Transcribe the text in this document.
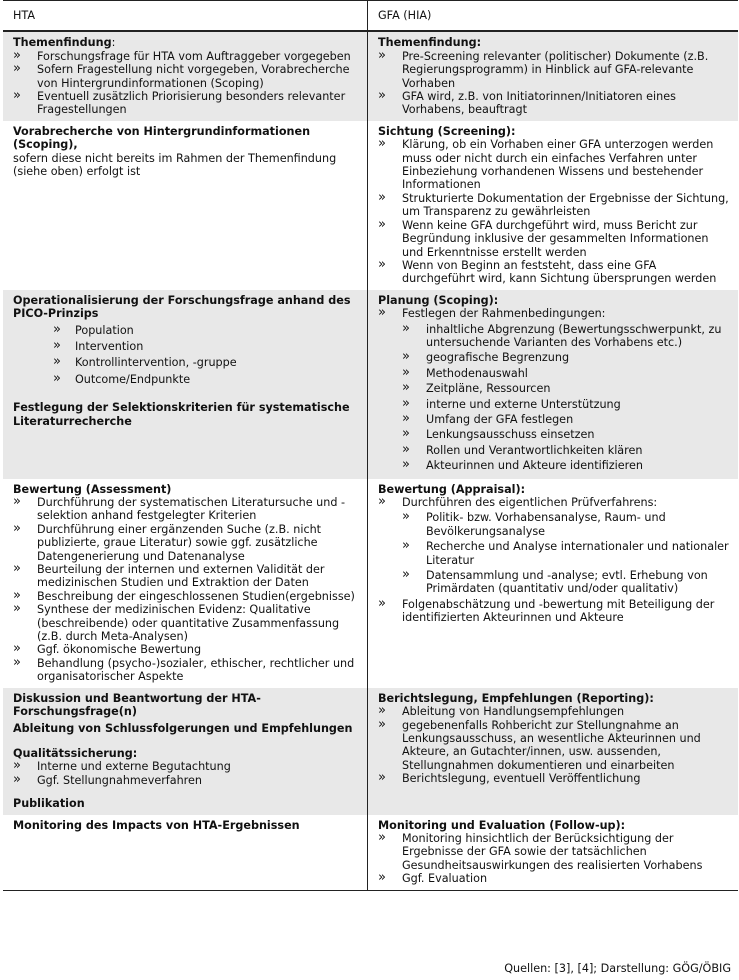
HTA	GFA (HIA)
Themenfindung:
» Forschungsfrage für HTA vom Auftraggeber vorgegeben
» Sofern Fragestellung nicht vorgegeben, Vorabrecherche von Hintergrundinformationen (Scoping)
» Eventuell zusätzlich Priorisierung besonders relevanter Fragestellungen
Themenfindung:
» Pre-Screening relevanter (politischer) Dokumente (z.B. Regierungsprogramm) in Hinblick auf GFA-relevante Vorhaben
» GFA wird, z.B. von Initiatorinnen/Initiatoren eines Vorhabens, beauftragt
Vorabrecherche von Hintergrundinformationen (Scoping),
sofern diese nicht bereits im Rahmen der Themenfindung (siehe oben) erfolgt ist
Sichtung (Screening):
» Klärung, ob ein Vorhaben einer GFA unterzogen werden muss oder nicht durch ein einfaches Verfahren unter Einbeziehung vorhandenen Wissens und bestehender Informationen
» Strukturierte Dokumentation der Ergebnisse der Sichtung, um Transparenz zu gewährleisten
» Wenn keine GFA durchgeführt wird, muss Bericht zur Begründung inklusive der gesammelten Informationen und Erkenntnisse erstellt werden
» Wenn von Beginn an feststeht, dass eine GFA durchgeführt wird, kann Sichtung übersprungen werden
Operationalisierung der Forschungsfrage anhand des PICO-Prinzips
» Population
» Intervention
» Kontrollintervention, -gruppe
» Outcome/Endpunkte
Festlegung der Selektionskriterien für systematische Literaturrecherche
Planung (Scoping):
» Festlegen der Rahmenbedingungen:
» inhaltliche Abgrenzung (Bewertungsschwerpunkt, zu untersuchende Varianten des Vorhabens etc.)
» geografische Begrenzung
» Methodenauswahl
» Zeitpläne, Ressourcen
» interne und externe Unterstützung
» Umfang der GFA festlegen
» Lenkungsausschuss einsetzen
» Rollen und Verantwortlichkeiten klären
» Akteurinnen und Akteure identifizieren
Bewertung (Assessment)
» Durchführung der systematischen Literatursuche und -selektion anhand festgelegter Kriterien
» Durchführung einer ergänzenden Suche (z.B. nicht publizierte, graue Literatur) sowie ggf. zusätzliche Datengenerierung und Datenanalyse
» Beurteilung der internen und externen Validität der medizinischen Studien und Extraktion der Daten
» Beschreibung der eingeschlossenen Studien(ergebnisse)
» Synthese der medizinischen Evidenz: Qualitative (beschreibende) oder quantitative Zusammenfassung (z.B. durch Meta-Analysen)
» Ggf. ökonomische Bewertung
» Behandlung (psycho-)sozialer, ethischer, rechtlicher und organisatorischer Aspekte
Bewertung (Appraisal):
» Durchführen des eigentlichen Prüfverfahrens:
» Politik- bzw. Vorhabensanalyse, Raum- und Bevölkerungsanalyse
» Recherche und Analyse internationaler und nationaler Literatur
» Datensammlung und -analyse; evtl. Erhebung von Primärdaten (quantitativ und/oder qualitativ)
» Folgenabschätzung und -bewertung mit Beteiligung der identifizierten Akteurinnen und Akteure
Diskussion und Beantwortung der HTA-Forschungsfrage(n)
Ableitung von Schlussfolgerungen und Empfehlungen
Qualitätssicherung:
» Interne und externe Begutachtung
» Ggf. Stellungnahmeverfahren
Publikation
Berichtslegung, Empfehlungen (Reporting):
» Ableitung von Handlungsempfehlungen
» gegebenenfalls Rohbericht zur Stellungnahme an Lenkungsausschuss, an wesentliche Akteurinnen und Akteure, an Gutachter/innen, usw. aussenden, Stellungnahmen dokumentieren und einarbeiten
» Berichtslegung, eventuell Veröffentlichung
Monitoring des Impacts von HTA-Ergebnissen	Monitoring und Evaluation (Follow-up):
» Monitoring hinsichtlich der Berücksichtigung der Ergebnisse der GFA sowie der tatsächlichen Gesundheitsauswirkungen des realisierten Vorhabens
» Ggf. Evaluation
Quellen: [3], [4]; Darstellung: GÖG/ÖBIG
